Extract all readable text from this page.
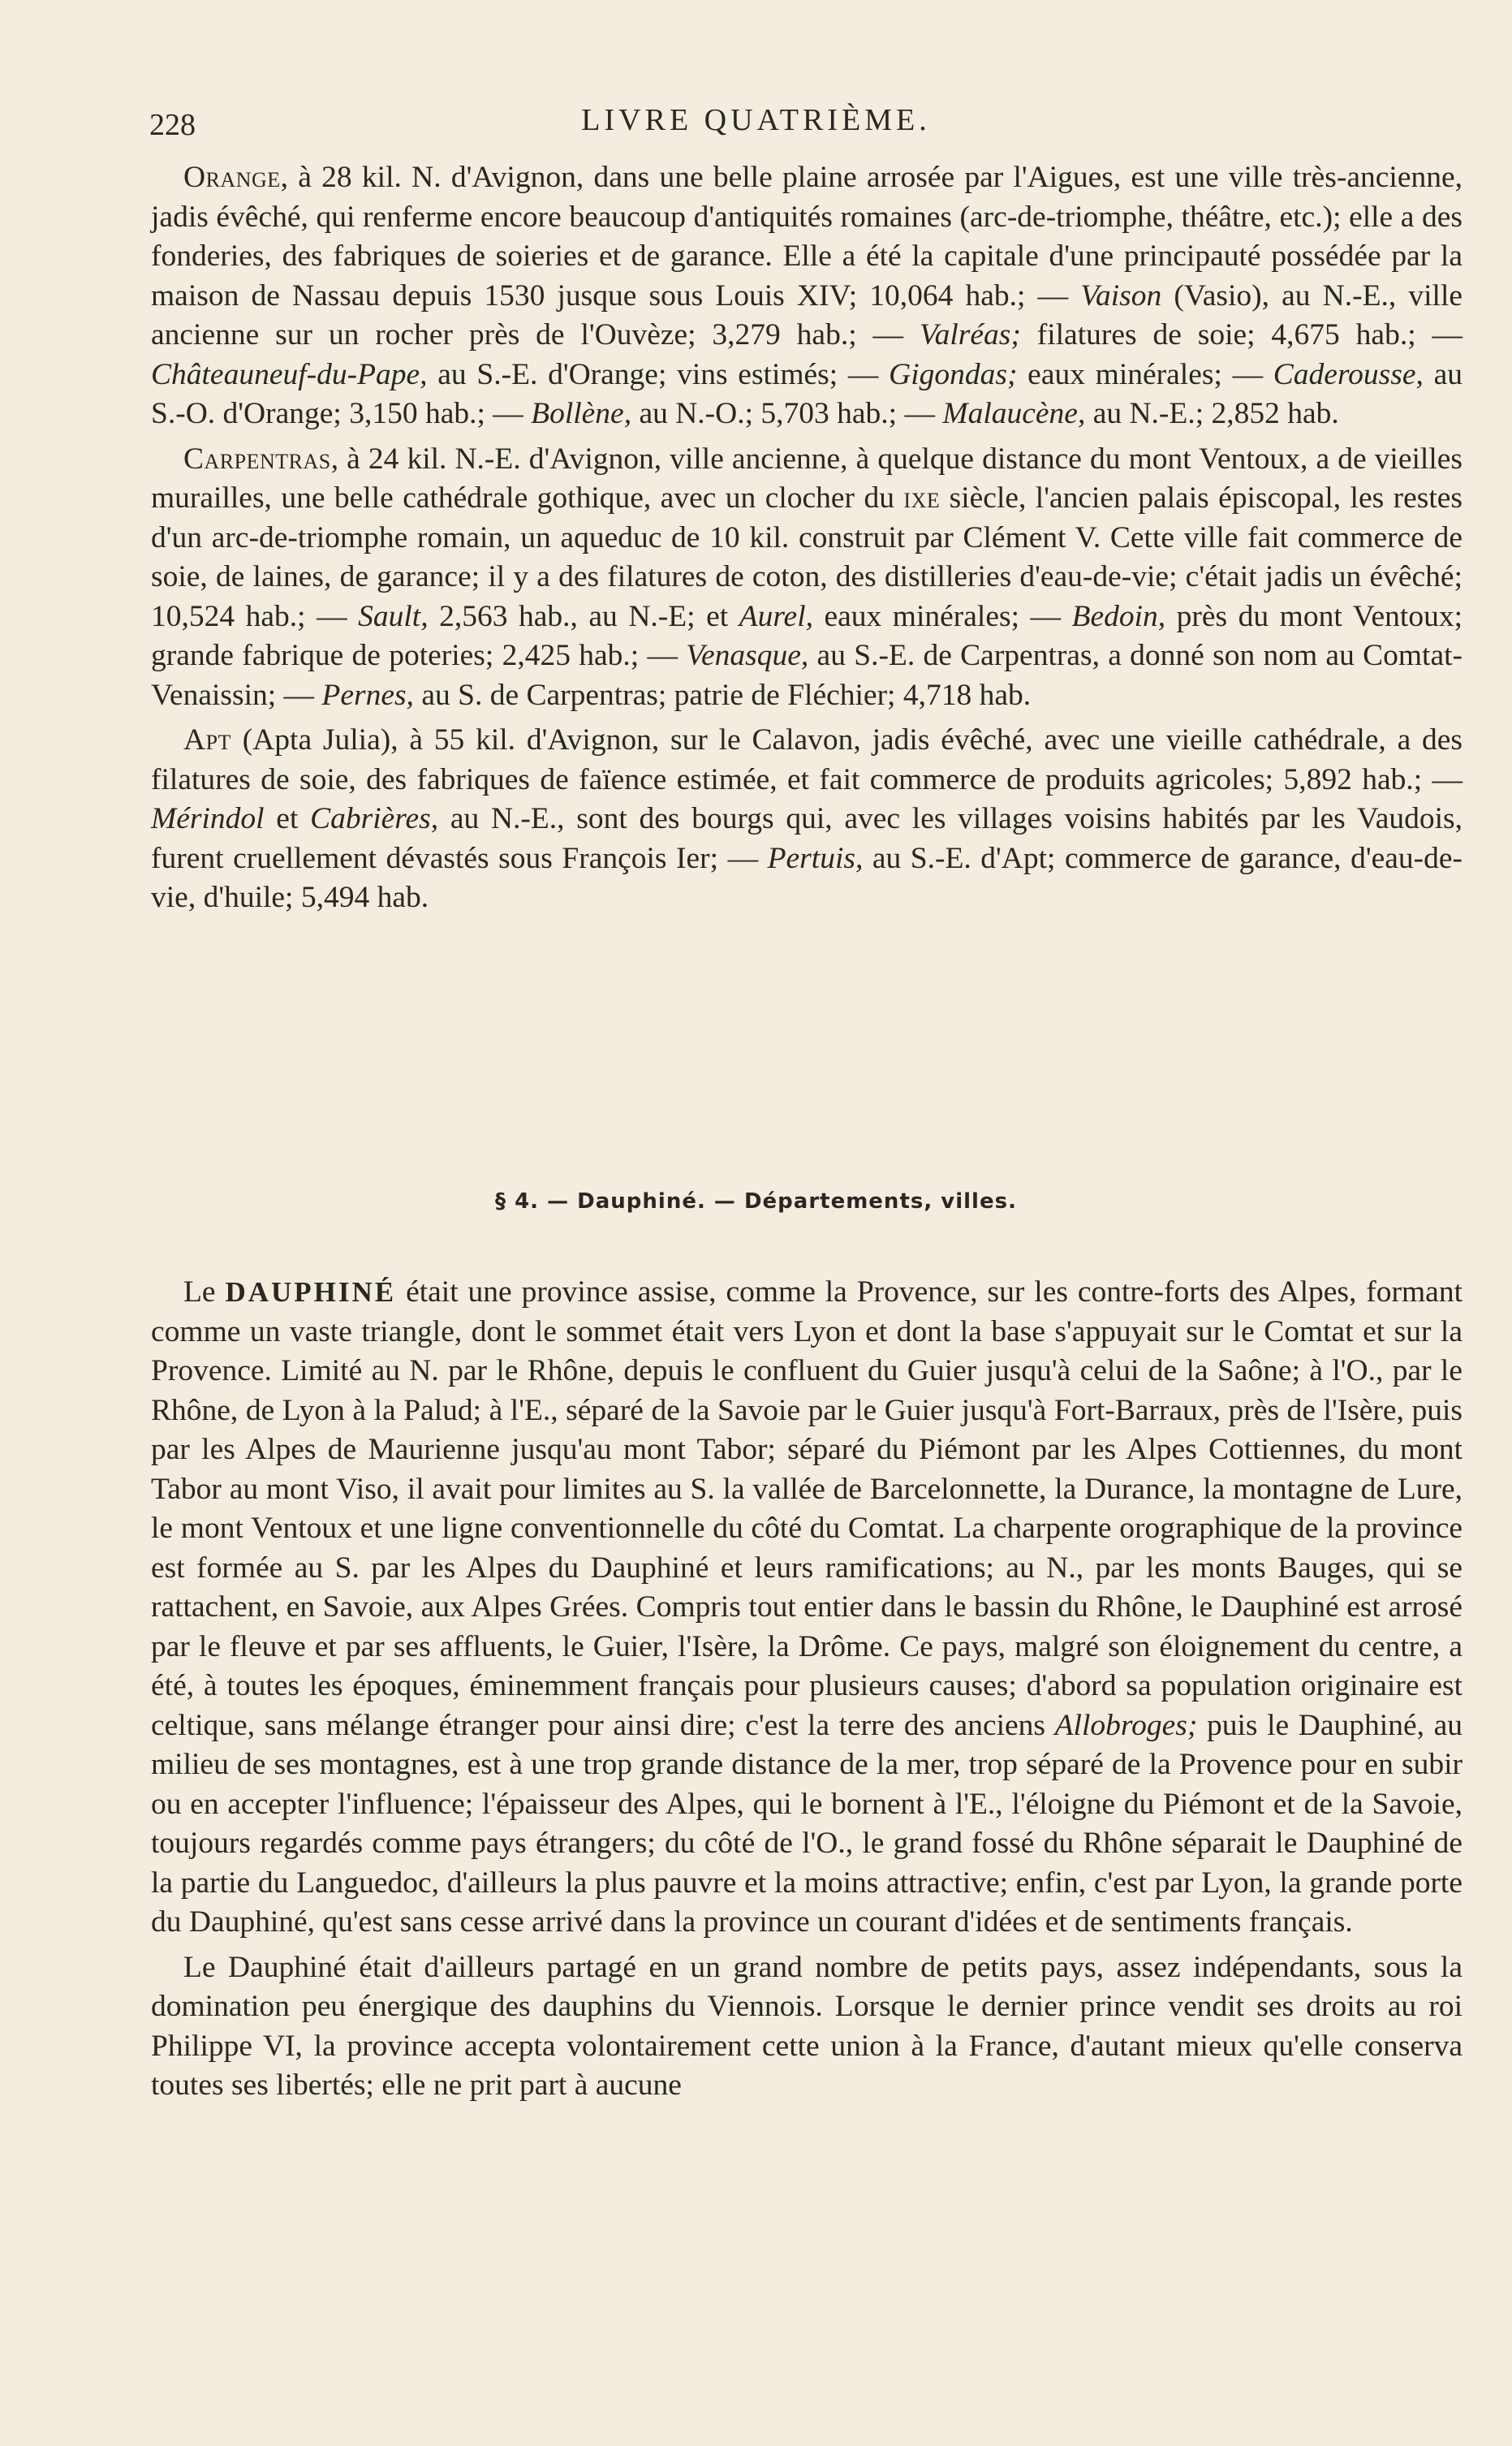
228	LIVRE QUATRIÈME.

Orange, à 28 kil. N. d'Avignon, dans une belle plaine arrosée par l'Aigues, est une ville très-ancienne, jadis évêché, qui renferme encore beaucoup d'antiquités romaines (arc-de-triomphe, théâtre, etc.); elle a des fonderies, des fabriques de soieries et de garance. Elle a été la capitale d'une principauté possédée par la maison de Nassau depuis 1530 jusque sous Louis XIV; 10,064 hab.; — Vaison (Vasio), au N.-E., ville ancienne sur un rocher près de l'Ouvèze; 3,279 hab.; — Valréas; filatures de soie; 4,675 hab.; — Châteauneuf-du-Pape, au S.-E. d'Orange; vins estimés; — Gigondas; eaux minérales; — Caderousse, au S.-O. d'Orange; 3,150 hab.; — Bollène, au N.-O.; 5,703 hab.; — Malaucène, au N.-E.; 2,852 hab.

Carpentras, à 24 kil. N.-E. d'Avignon, ville ancienne, à quelque distance du mont Ventoux, a de vieilles murailles, une belle cathédrale gothique, avec un clocher du ixe siècle, l'ancien palais épiscopal, les restes d'un arc-de-triomphe romain, un aqueduc de 10 kil. construit par Clément V. Cette ville fait commerce de soie, de laines, de garance; il y a des filatures de coton, des distilleries d'eau-de-vie; c'était jadis un évêché; 10,524 hab.; — Sault, 2,563 hab., au N.-E; et Aurel, eaux minérales; — Bedoin, près du mont Ventoux; grande fabrique de poteries; 2,425 hab.; — Venasque, au S.-E. de Carpentras, a donné son nom au Comtat-Venaissin; — Pernes, au S. de Carpentras; patrie de Fléchier; 4,718 hab.

Apt (Apta Julia), à 55 kil. d'Avignon, sur le Calavon, jadis évêché, avec une vieille cathédrale, a des filatures de soie, des fabriques de faïence estimée, et fait commerce de produits agricoles; 5,892 hab.; — Mérindol et Cabrières, au N.-E., sont des bourgs qui, avec les villages voisins habités par les Vaudois, furent cruellement dévastés sous François Ier; — Pertuis, au S.-E. d'Apt; commerce de garance, d'eau-de-vie, d'huile; 5,494 hab.

§ 4. — Dauphiné. — Départements, villes.

Le DAUPHINÉ était une province assise, comme la Provence, sur les contre-forts des Alpes, formant comme un vaste triangle, dont le sommet était vers Lyon et dont la base s'appuyait sur le Comtat et sur la Provence. Limité au N. par le Rhône, depuis le confluent du Guier jusqu'à celui de la Saône; à l'O., par le Rhône, de Lyon à la Palud; à l'E., séparé de la Savoie par le Guier jusqu'à Fort-Barraux, près de l'Isère, puis par les Alpes de Maurienne jusqu'au mont Tabor; séparé du Piémont par les Alpes Cottiennes, du mont Tabor au mont Viso, il avait pour limites au S. la vallée de Barcelonnette, la Durance, la montagne de Lure, le mont Ventoux et une ligne conventionnelle du côté du Comtat. La charpente orographique de la province est formée au S. par les Alpes du Dauphiné et leurs ramifications; au N., par les monts Bauges, qui se rattachent, en Savoie, aux Alpes Grées. Compris tout entier dans le bassin du Rhône, le Dauphiné est arrosé par le fleuve et par ses affluents, le Guier, l'Isère, la Drôme. Ce pays, malgré son éloignement du centre, a été, à toutes les époques, éminemment français pour plusieurs causes; d'abord sa population originaire est celtique, sans mélange étranger pour ainsi dire; c'est la terre des anciens Allobroges; puis le Dauphiné, au milieu de ses montagnes, est à une trop grande distance de la mer, trop séparé de la Provence pour en subir ou en accepter l'influence; l'épaisseur des Alpes, qui le bornent à l'E., l'éloigne du Piémont et de la Savoie, toujours regardés comme pays étrangers; du côté de l'O., le grand fossé du Rhône séparait le Dauphiné de la partie du Languedoc, d'ailleurs la plus pauvre et la moins attractive; enfin, c'est par Lyon, la grande porte du Dauphiné, qu'est sans cesse arrivé dans la province un courant d'idées et de sentiments français.

Le Dauphiné était d'ailleurs partagé en un grand nombre de petits pays, assez indépendants, sous la domination peu énergique des dauphins du Viennois. Lorsque le dernier prince vendit ses droits au roi Philippe VI, la province accepta volontairement cette union à la France, d'autant mieux qu'elle conserva toutes ses libertés; elle ne prit part à aucune
